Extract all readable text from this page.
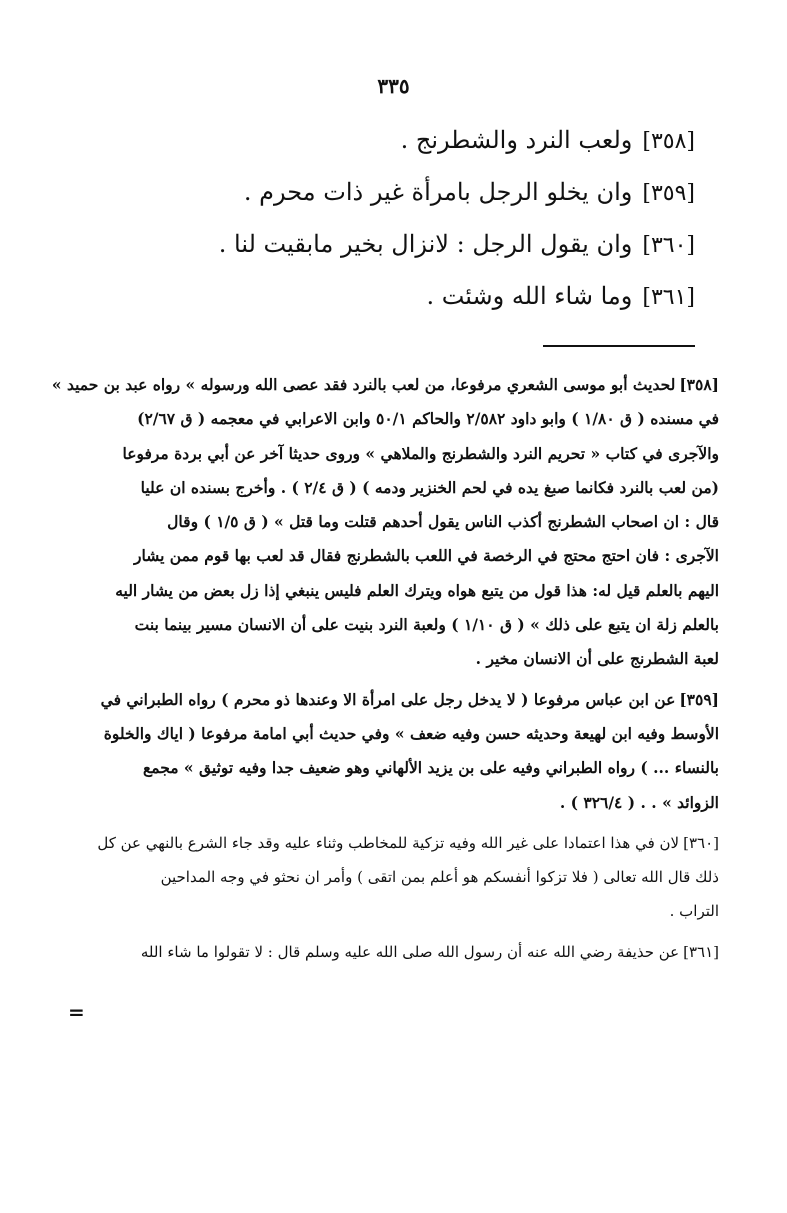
٣٣٥
[٣٥٨]
ولعب النرد والشطرنج .
[٣٥٩]
وان يخلو الرجل بامرأة غير ذات محرم .
[٣٦٠]
وان يقول الرجل : لانزال بخير مابقيت لنا .
[٣٦١]
وما شاء الله وشئت .
[٣٥٨]لحديث أبو موسى الشعري مرفوعا، من لعب بالنرد فقد عصى الله ورسوله » رواه عبد بن حميد »
في مسنده ( ق ١/٨٠ ) وابو داود ٢/٥٨٢ والحاكم ٥٠/١ وابن الاعرابي في معجمه ( ق ٢/٦٧)
والآجرى في كتاب « تحريم النرد والشطرنج والملاهي » وروى حديثا آخر عن أبي بردة مرفوعا
(من لعب بالنرد فكانما صبغ يده في لحم الخنزير ودمه ) ( ق ٢/٤ ) . وأخرج بسنده ان عليا
قال : ان اصحاب الشطرنج أكذب الناس يقول أحدهم قتلت وما قتل » ( ق ١/٥ ) وقال
الآجرى : فان احتج محتج في الرخصة في اللعب بالشطرنج فقال قد لعب بها قوم ممن يشار
اليهم بالعلم قيل له: هذا قول من يتبع هواه ويترك العلم فليس ينبغي إذا زل بعض من يشار اليه
بالعلم زلة ان يتبع على ذلك » ( ق ١/١٠ ) ولعبة النرد بنيت على أن الانسان مسير بينما بنت
لعبة الشطرنج على أن الانسان مخير .
[٣٥٩]عن ابن عباس مرفوعا ( لا يدخل رجل على امرأة الا وعندها ذو محرم ) رواه الطبراني في
الأوسط وفيه ابن لهيعة وحديثه حسن وفيه ضعف » وفي حديث أبي امامة مرفوعا ( اياك والخلوة
بالنساء ... ) رواه الطبراني وفيه على بن يزيد الألهاني وهو ضعيف جدا وفيه توثيق » مجمع
الزوائد » . . ( ٣٢٦/٤ ) .
[٣٦٠]لان في هذا اعتمادا على غير الله وفيه تزكية للمخاطب وثناء عليه وقد جاء الشرع بالنهي عن كل
ذلك قال الله تعالى ( فلا تزكوا أنفسكم هو أعلم بمن اتقى ) وأمر ان نحثو في وجه المداحين
التراب .
[٣٦١]عن حذيفة رضي الله عنه أن رسول الله صلى الله عليه وسلم قال : لا تقولوا ما شاء الله
=
